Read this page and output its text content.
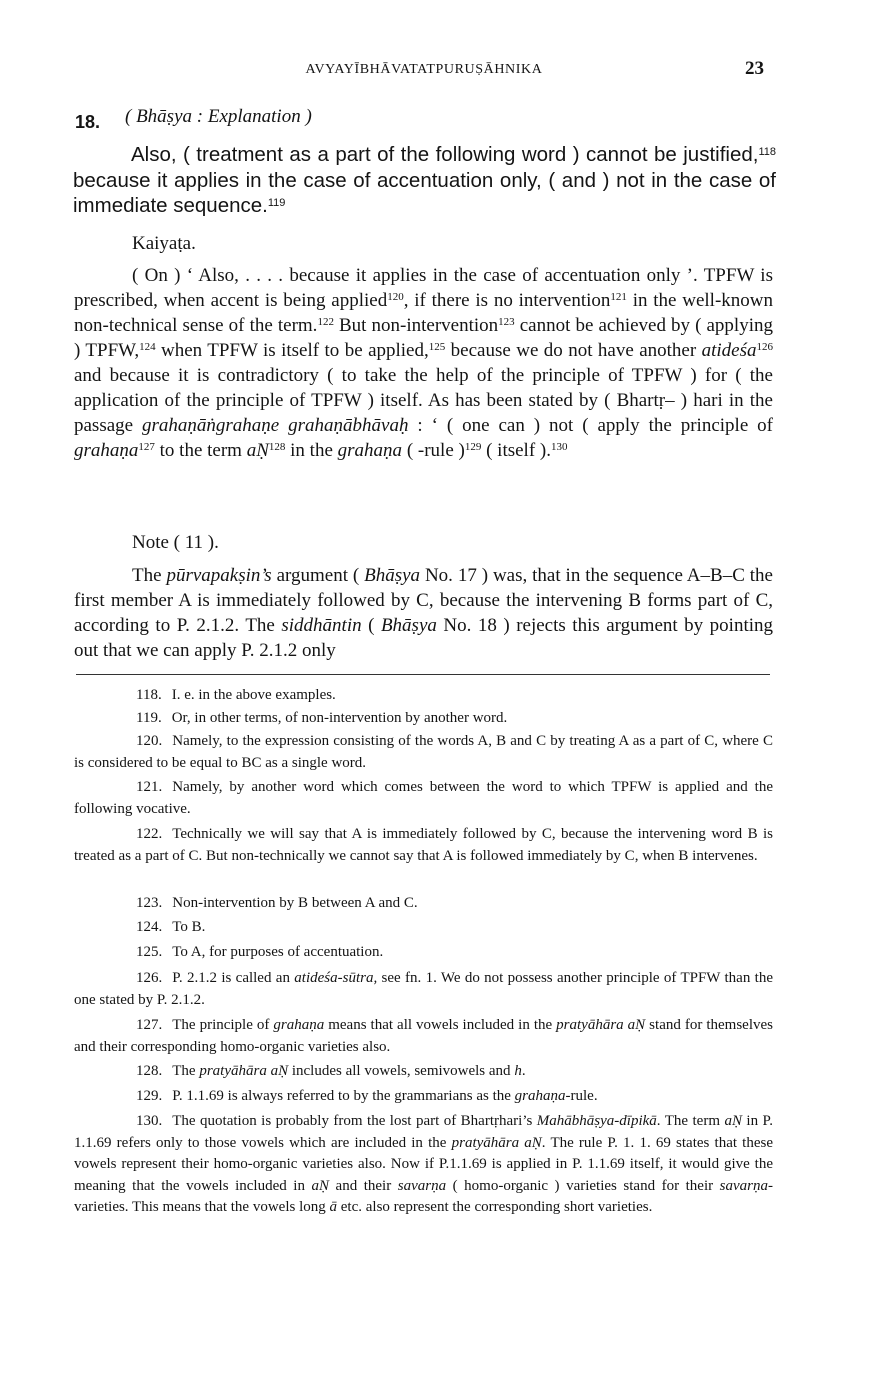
AVYAYĪBHĀVATATPURUṢĀHNIKA	23
18. ( Bhāṣya : Explanation )

Also, ( treatment as a part of the following word ) cannot be justified,$^{118}$ because it applies in the case of accentuation only, ( and ) not in the case of immediate sequence.$^{119}$

Kaiyaṭa.

( On ) ‘ Also, . . . . because it applies in the case of accentuation only ’. TPFW is prescribed, when accent is being applied$^{120}$, if there is no intervention$^{121}$ in the well-known non-technical sense of the term.$^{122}$ But non-intervention$^{123}$ cannot be achieved by ( applying ) TPFW,$^{124}$ when TPFW is itself to be applied,$^{125}$ because we do not have another atideśa$^{126}$ and because it is contradictory ( to take the help of the principle of TPFW ) for ( the application of the principle of TPFW ) itself. As has been stated by ( Bhartṛ– ) hari in the passage grahaṇāṅgrahaṇe grahaṇābhāvaḥ : ‘ ( one can ) not ( apply the principle of grahaṇa$^{127}$ to the term aṆ$^{128}$ in the grahaṇa ( -rule )$^{129}$ ( itself ).$^{130}$

Note ( 11 ).

The pūrvapakṣin’s argument ( Bhāṣya No. 17 ) was, that in the sequence A–B–C the first member A is immediately followed by C, because the intervening B forms part of C, according to P. 2.1.2. The siddhāntin ( Bhāṣya No. 18 ) rejects this argument by pointing out that we can apply P. 2.1.2 only

118. I. e. in the above examples.

119. Or, in other terms, of non-intervention by another word.

120. Namely, to the expression consisting of the words A, B and C by treating A as a part of C, where C is considered to be equal to BC as a single word.

121. Namely, by another word which comes between the word to which TPFW is applied and the following vocative.

122. Technically we will say that A is immediately followed by C, because the intervening word B is treated as a part of C. But non-technically we cannot say that A is followed immediately by C, when B intervenes.

123. Non-intervention by B between A and C.

124. To B.

125. To A, for purposes of accentuation.

126. P. 2.1.2 is called an atideśa-sūtra, see fn. 1. We do not possess another principle of TPFW than the one stated by P. 2.1.2.

127. The principle of grahaṇa means that all vowels included in the pratyāhāra aṆ stand for themselves and their corresponding homo-organic varieties also.

128. The pratyāhāra aṆ includes all vowels, semivowels and h.

129. P. 1.1.69 is always referred to by the grammarians as the grahaṇa-rule.

130. The quotation is probably from the lost part of Bhartṛhari’s Mahābhāṣya-dīpikā. The term aṆ in P. 1.1.69 refers only to those vowels which are included in the pratyāhāra aṆ. The rule P. 1. 1. 69 states that these vowels represent their homo-organic varieties also. Now if P.1.1.69 is applied in P. 1.1.69 itself, it would give the meaning that the vowels included in aṆ and their savarṇa ( homo-organic ) varieties stand for their savarṇa-varieties. This means that the vowels long ā etc. also represent the corresponding short varieties.
